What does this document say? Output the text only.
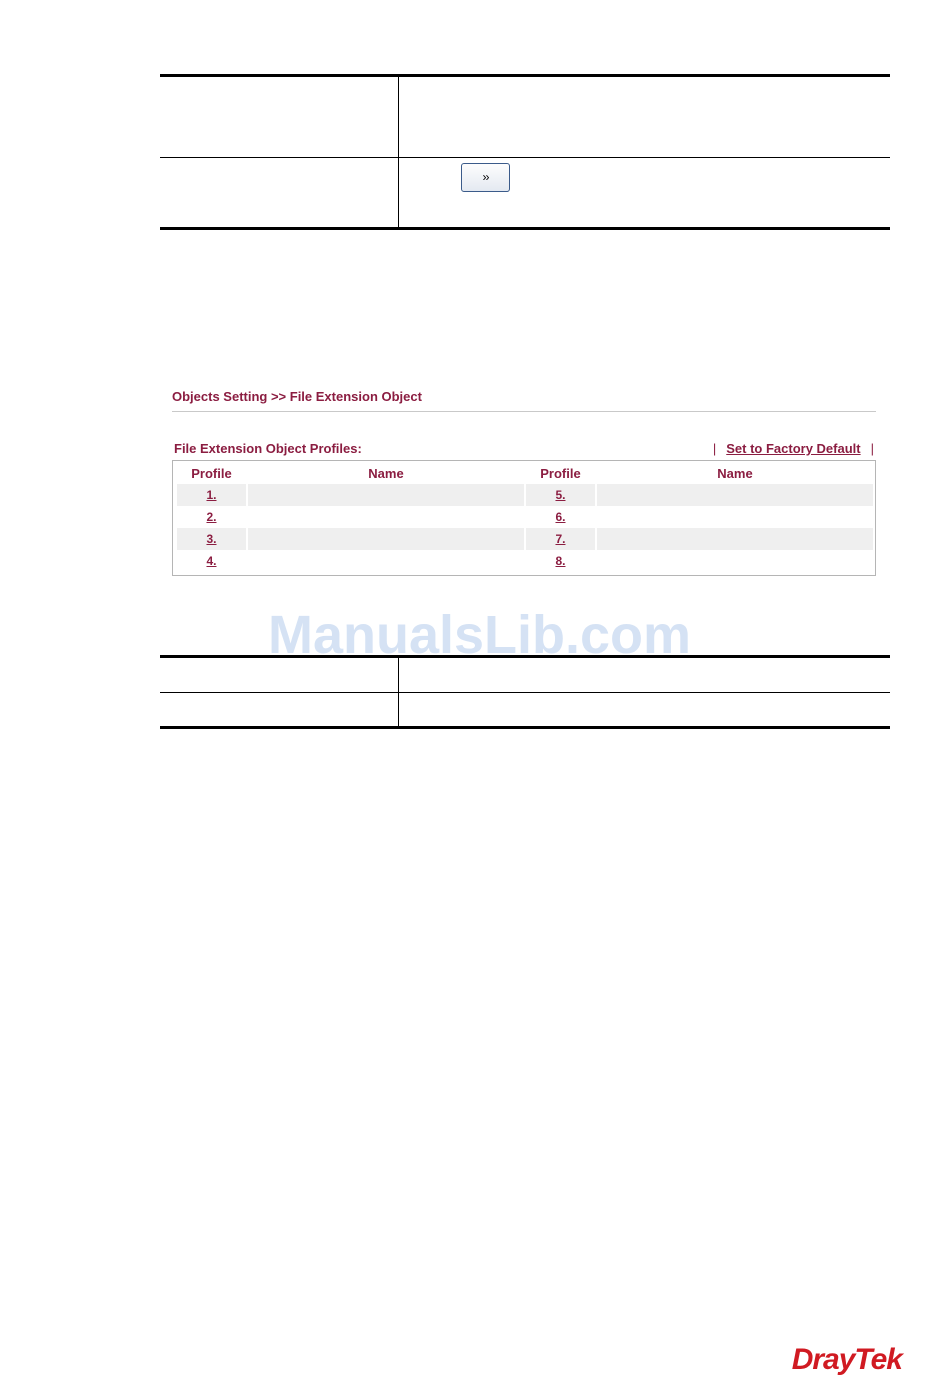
››
Objects Setting >> File Extension Object
File Extension Object Profiles:	| Set to Factory Default |
Profile	Name	Profile	Name
1.		5.	
2.		6.	
3.		7.	
4.		8.	
ManualsLib.com

DrayTek
